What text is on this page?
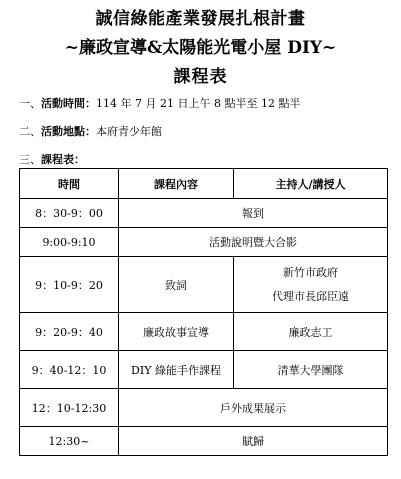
誠信綠能產業發展扎根計畫
~廉政宣導&太陽能光電小屋 DIY~
課程表
一、活動時間：114 年 7 月 21 日上午 8 點半至 12 點半
二、活動地點：本府青少年館
三、課程表：
時間	課程內容	主持人/講授人
8：30-9：00	報到	
9:00-9:10	活動說明暨大合影	
9：10-9：20	致詞	新竹市政府
代理市長邱臣遠

9：20-9：40	廉政故事宣導	廉政志工
9：40-12：10	DIY 綠能手作課程	清華大學團隊
12：10-12:30	戶外成果展示	
12:30~	賦歸	
